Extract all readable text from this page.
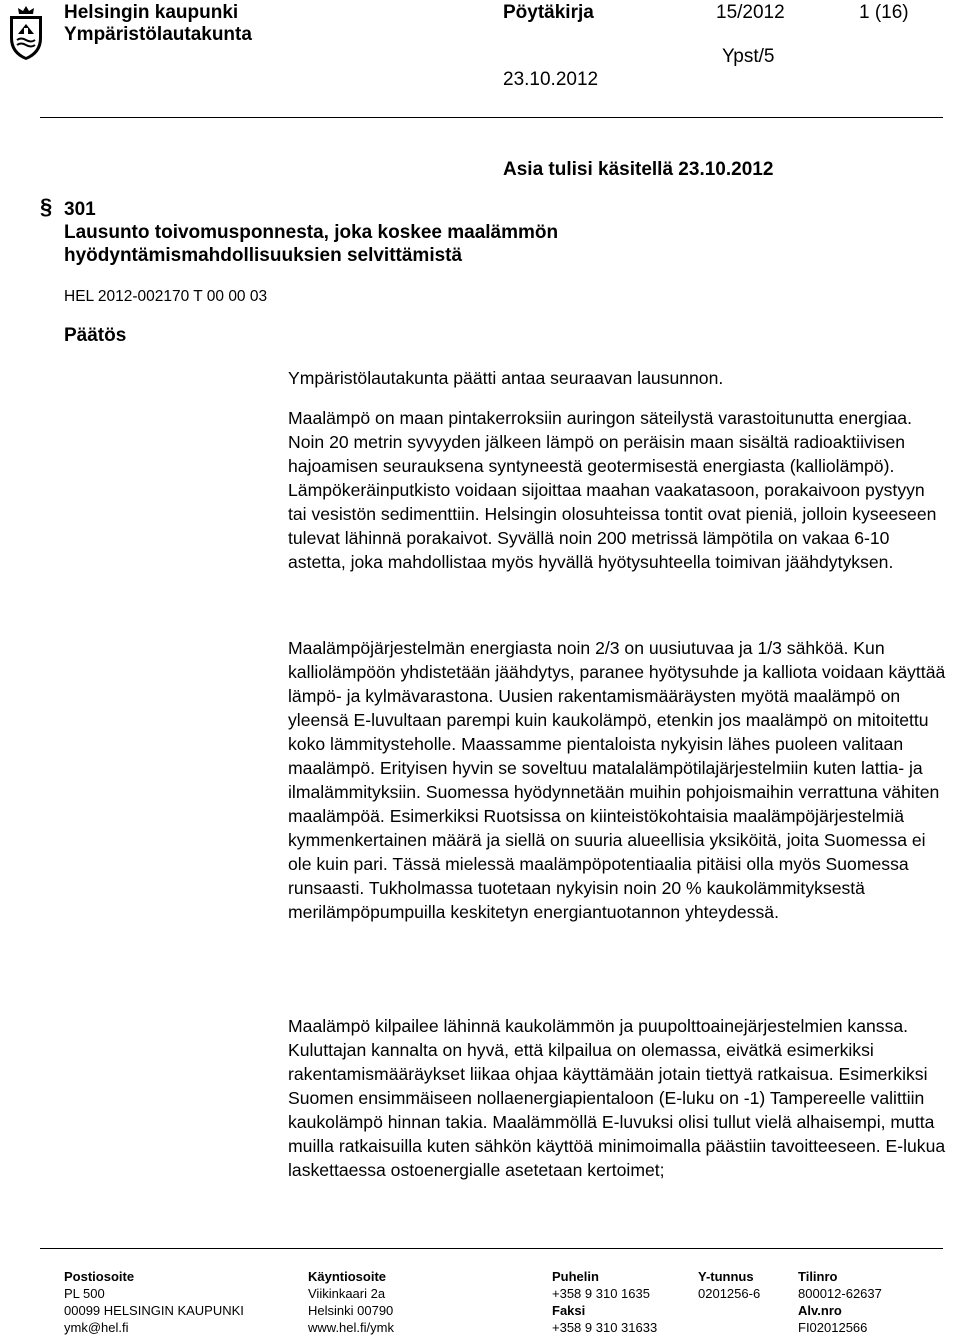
Helsingin kaupunki
Ympäristölautakunta
Pöytäkirja	15/2012	1 (16)
Ypst/5
23.10.2012
Asia tulisi käsitellä 23.10.2012
§ 301
Lausunto toivomusponnesta, joka koskee maalämmön
hyödyntämismahdollisuuksien selvittämistä
HEL 2012-002170 T 00 00 03
Päätös

Ympäristölautakunta päätti antaa seuraavan lausunnon.

Maalämpö on maan pintakerroksiin auringon säteilystä varastoitunutta energiaa. Noin 20 metrin syvyyden jälkeen lämpö on peräisin maan sisältä radioaktiivisen hajoamisen seurauksena syntyneestä geotermisestä energiasta (kalliolämpö). Lämpökeräinputkisto voidaan sijoittaa maahan vaakatasoon, porakaivoon pystyyn tai vesistön sedimenttiin. Helsingin olosuhteissa tontit ovat pieniä, jolloin kyseeseen tulevat lähinnä porakaivot. Syvällä noin 200 metrissä lämpötila on vakaa 6-10 astetta, joka mahdollistaa myös hyvällä hyötysuhteella toimivan jäähdytyksen.

Maalämpöjärjestelmän energiasta noin 2/3 on uusiutuvaa ja 1/3 sähköä. Kun kalliolämpöön yhdistetään jäähdytys, paranee hyötysuhde ja kalliota voidaan käyttää lämpö- ja kylmävarastona. Uusien rakentamismääräysten myötä maalämpö on yleensä E-luvultaan parempi kuin kaukolämpö, etenkin jos maalämpö on mitoitettu koko lämmitysteholle. Maassamme pientaloista nykyisin lähes puoleen valitaan maalämpö. Erityisen hyvin se soveltuu matalalämpötilajärjestelmiin kuten lattia- ja ilmalämmityksiin. Suomessa hyödynnetään muihin pohjoismaihin verrattuna vähiten maalämpöä. Esimerkiksi Ruotsissa on kiinteistökohtaisia maalämpöjärjestelmiä kymmenkertainen määrä ja siellä on suuria alueellisia yksiköitä, joita Suomessa ei ole kuin pari. Tässä mielessä maalämpöpotentiaalia pitäisi olla myös Suomessa runsaasti. Tukholmassa tuotetaan nykyisin noin 20 % kaukolämmityksestä merilämpöpumpuilla keskitetyn energiantuotannon yhteydessä.

Maalämpö kilpailee lähinnä kaukolämmön ja puupolttoainejärjestelmien kanssa. Kuluttajan kannalta on hyvä, että kilpailua on olemassa, eivätkä esimerkiksi rakentamismääräykset liikaa ohjaa käyttämään jotain tiettyä ratkaisua. Esimerkiksi Suomen ensimmäiseen nollaenergiapientaloon (E-luku on -1) Tampereelle valittiin kaukolämpö hinnan takia. Maalämmöllä E-luvuksi olisi tullut vielä alhaisempi, mutta muilla ratkaisuilla kuten sähkön käyttöä minimoimalla päästiin tavoitteeseen. E-lukua laskettaessa ostoenergialle asetetaan kertoimet;

Postiosoite
PL 500
00099 HELSINGIN KAUPUNKI
ymk@hel.fi
Käyntiosoite
Viikinkaari 2a
Helsinki 00790
www.hel.fi/ymk
Puhelin
+358 9 310 1635
Faksi
+358 9 310 31633
Y-tunnus
0201256-6
Tilinro
800012-62637
Alv.nro
FI02012566
